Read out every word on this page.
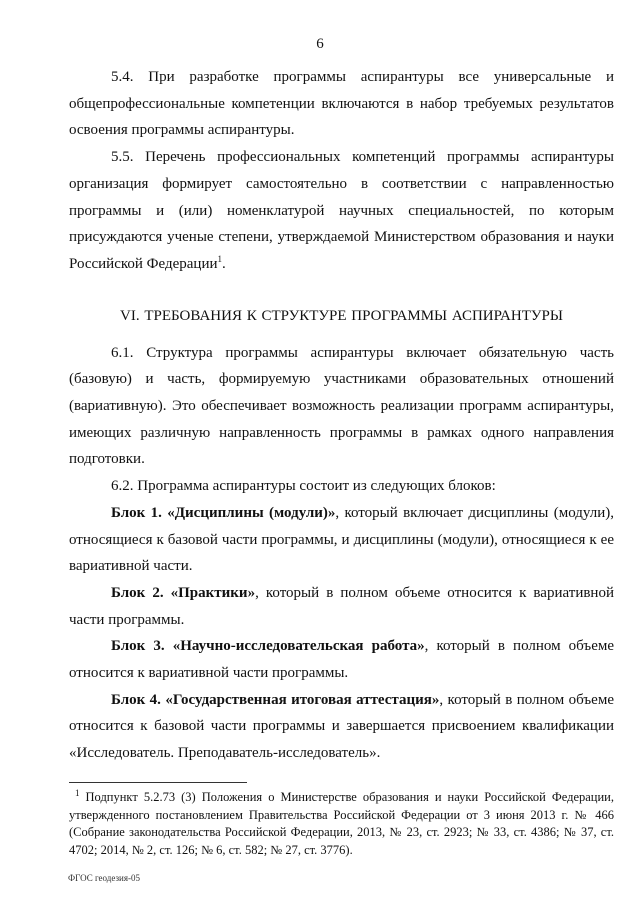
6

5.4. При разработке программы аспирантуры все универсальные и общепрофессиональные компетенции включаются в набор требуемых результатов освоения программы аспирантуры.

5.5. Перечень профессиональных компетенций программы аспирантуры организация формирует самостоятельно в соответствии с направленностью программы и (или) номенклатурой научных специальностей, по которым присуждаются ученые степени, утверждаемой Министерством образования и науки Российской Федерации$^1$.

VI. ТРЕБОВАНИЯ К СТРУКТУРЕ ПРОГРАММЫ АСПИРАНТУРЫ

6.1. Структура программы аспирантуры включает обязательную часть (базовую) и часть, формируемую участниками образовательных отношений (вариативную). Это обеспечивает возможность реализации программ аспирантуры, имеющих различную направленность программы в рамках одного направления подготовки.

6.2. Программа аспирантуры состоит из следующих блоков:

Блок 1. «Дисциплины (модули)», который включает дисциплины (модули), относящиеся к базовой части программы, и дисциплины (модули), относящиеся к ее вариативной части.

Блок 2. «Практики», который в полном объеме относится к вариативной части программы.

Блок 3. «Научно-исследовательская работа», который в полном объеме относится к вариативной части программы.

Блок 4. «Государственная итоговая аттестация», который в полном объеме относится к базовой части программы и завершается присвоением квалификации «Исследователь. Преподаватель-исследователь».

$^1$ Подпункт 5.2.73 (3) Положения о Министерстве образования и науки Российской Федерации, утвержденного постановлением Правительства Российской Федерации от 3 июня 2013 г. № 466 (Собрание законодательства Российской Федерации, 2013, № 23, ст. 2923; № 33, ст. 4386; № 37, ст. 4702; 2014, № 2, ст. 126; № 6, ст. 582; № 27, ст. 3776).

ФГОС геодезия-05
